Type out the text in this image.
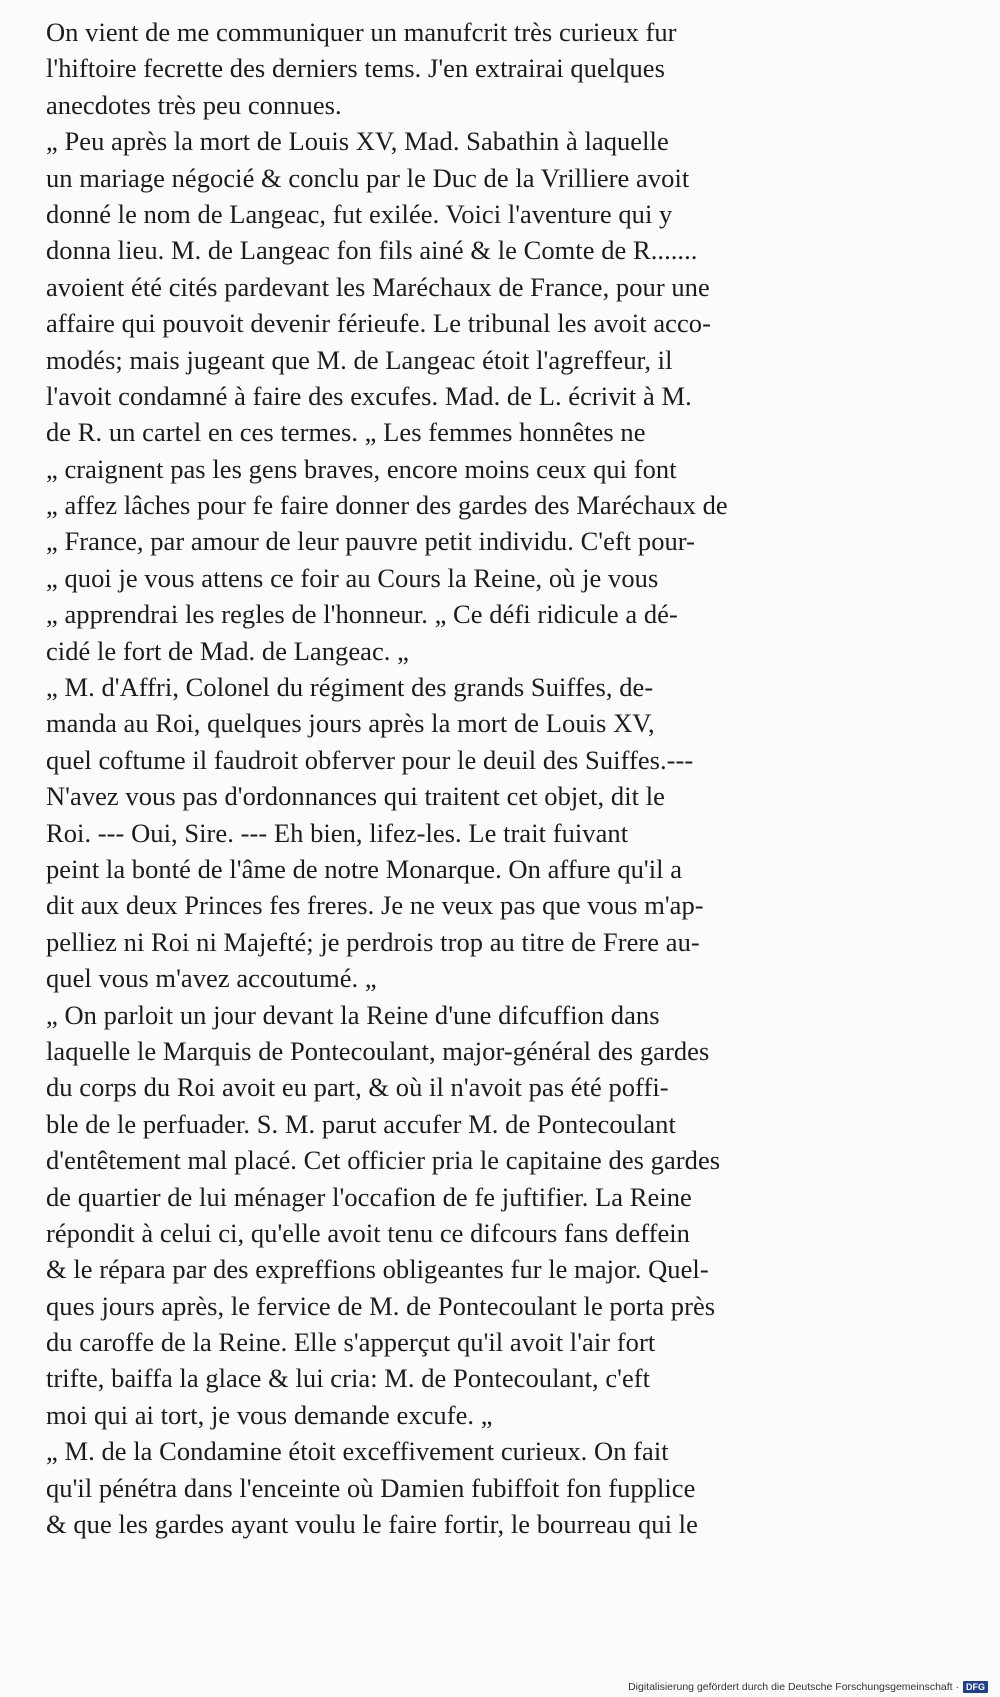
On vient de me communiquer un manufcrit très curieux fur
l'hiftoire fecrette des derniers tems. J'en extrairai quelques
anecdotes très peu connues.
„ Peu après la mort de Louis XV, Mad. Sabathin à laquelle
un mariage négocié & conclu par le Duc de la Vrilliere avoit
donné le nom de Langeac, fut exilée. Voici l'aventure qui y
donna lieu. M. de Langeac fon fils ainé & le Comte de R.......
avoient été cités pardevant les Maréchaux de France, pour une
affaire qui pouvoit devenir férieufe. Le tribunal les avoit acco-
modés; mais jugeant que M. de Langeac étoit l'agreffeur, il
l'avoit condamné à faire des excufes. Mad. de L. écrivit à M.
de R. un cartel en ces termes. „ Les femmes honnêtes ne
„ craignent pas les gens braves, encore moins ceux qui font
„ affez lâches pour fe faire donner des gardes des Maréchaux de
„ France, par amour de leur pauvre petit individu. C'eft pour-
„ quoi je vous attens ce foir au Cours la Reine, où je vous
„ apprendrai les regles de l'honneur. „ Ce défi ridicule a dé-
cidé le fort de Mad. de Langeac. „
„ M. d'Affri, Colonel du régiment des grands Suiffes, de-
manda au Roi, quelques jours après la mort de Louis XV,
quel coftume il faudroit obferver pour le deuil des Suiffes.---
N'avez vous pas d'ordonnances qui traitent cet objet, dit le
Roi. --- Oui, Sire. --- Eh bien, lifez-les. Le trait fuivant
peint la bonté de l'âme de notre Monarque. On affure qu'il a
dit aux deux Princes fes freres. Je ne veux pas que vous m'ap-
pelliez ni Roi ni Majefté; je perdrois trop au titre de Frere au-
quel vous m'avez accoutumé. „
„ On parloit un jour devant la Reine d'une difcuffion dans
laquelle le Marquis de Pontecoulant, major-général des gardes
du corps du Roi avoit eu part, & où il n'avoit pas été poffi-
ble de le perfuader. S. M. parut accufer M. de Pontecoulant
d'entêtement mal placé. Cet officier pria le capitaine des gardes
de quartier de lui ménager l'occafion de fe juftifier. La Reine
répondit à celui ci, qu'elle avoit tenu ce difcours fans deffein
& le répara par des expreffions obligeantes fur le major. Quel-
ques jours après, le fervice de M. de Pontecoulant le porta près
du caroffe de la Reine. Elle s'apperçut qu'il avoit l'air fort
trifte, baiffa la glace & lui cria: M. de Pontecoulant, c'eft
moi qui ai tort, je vous demande excufe. „
„ M. de la Condamine étoit exceffivement curieux. On fait
qu'il pénétra dans l'enceinte où Damien fubiffoit fon fupplice
& que les gardes ayant voulu le faire fortir, le bourreau qui le
Digitalisierung gefördert durch die Deutsche Forschungsgemeinschaft · DFG
